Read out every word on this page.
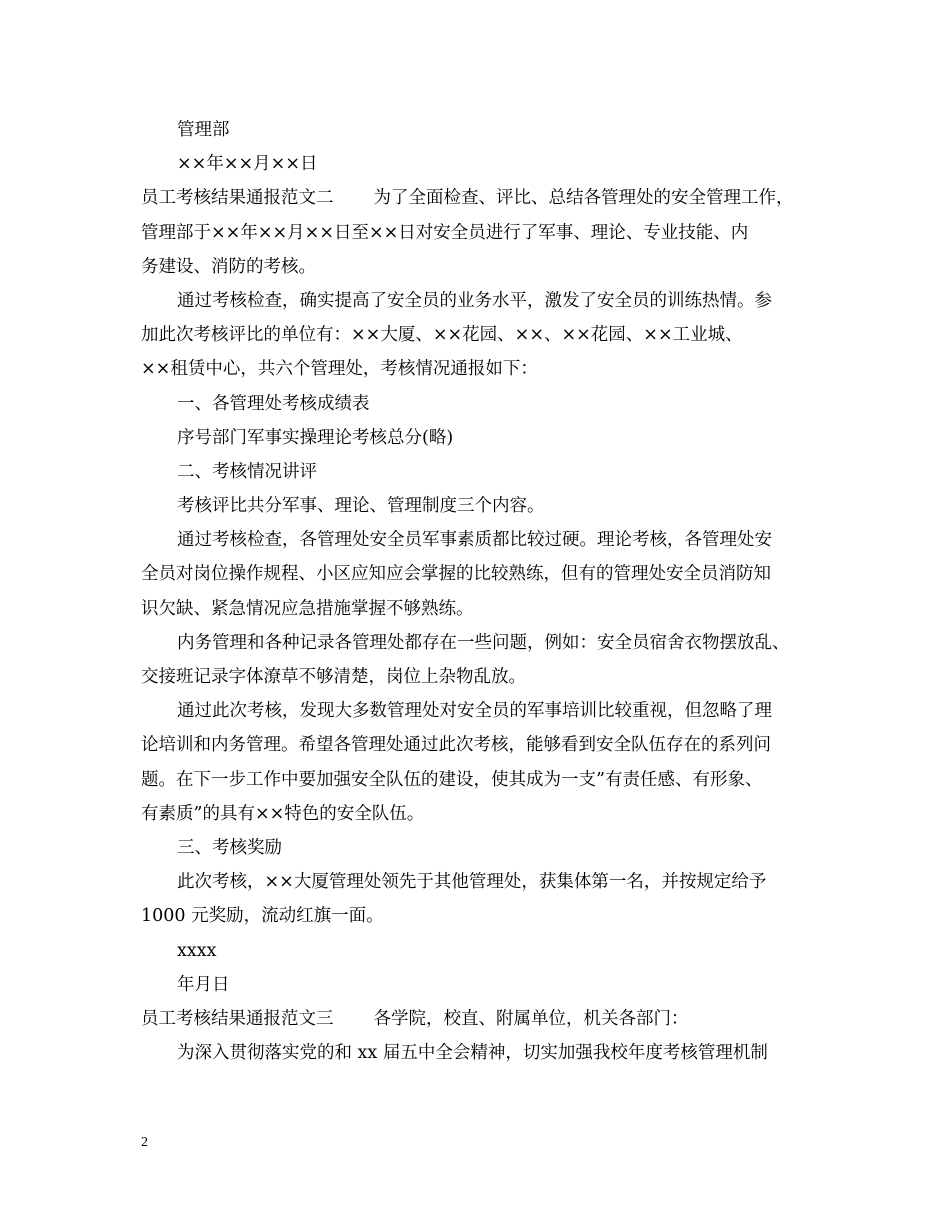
管理部
××年××月××日
员工考核结果通报范文二 为了全面检查、评比、总结各管理处的安全管理工作，
管理部于××年××月××日至××日对安全员进行了军事、理论、专业技能、内
务建设、消防的考核。
通过考核检查，确实提高了安全员的业务水平，激发了安全员的训练热情。参
加此次考核评比的单位有：××大厦、××花园、××、××花园、××工业城、
××租赁中心，共六个管理处，考核情况通报如下：
一、各管理处考核成绩表
序号部门军事实操理论考核总分(略)
二、考核情况讲评
考核评比共分军事、理论、管理制度三个内容。
通过考核检查，各管理处安全员军事素质都比较过硬。理论考核，各管理处安
全员对岗位操作规程、小区应知应会掌握的比较熟练，但有的管理处安全员消防知
识欠缺、紧急情况应急措施掌握不够熟练。
内务管理和各种记录各管理处都存在一些问题，例如：安全员宿舍衣物摆放乱、
交接班记录字体潦草不够清楚，岗位上杂物乱放。
通过此次考核，发现大多数管理处对安全员的军事培训比较重视，但忽略了理
论培训和内务管理。希望各管理处通过此次考核，能够看到安全队伍存在的系列问
题。在下一步工作中要加强安全队伍的建设，使其成为一支”有责任感、有形象、
有素质”的具有××特色的安全队伍。
三、考核奖励
此次考核，××大厦管理处领先于其他管理处，获集体第一名，并按规定给予
1000 元奖励，流动红旗一面。
xxxx
年月日
员工考核结果通报范文三 各学院，校直、附属单位，机关各部门：
为深入贯彻落实党的和 xx 届五中全会精神，切实加强我校年度考核管理机制
2
